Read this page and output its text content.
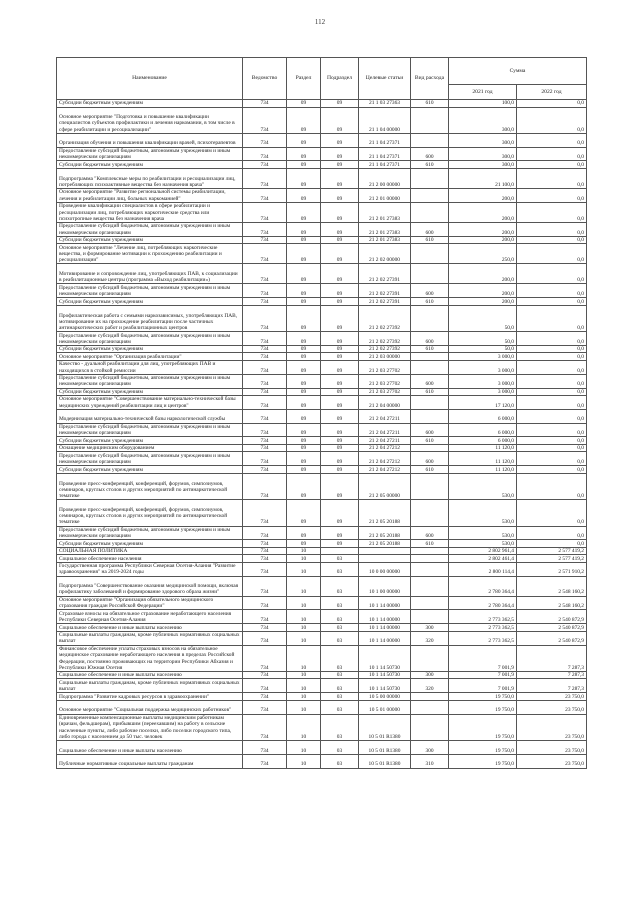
112
Наименование	Ведомство	Раздел	Подраздел	Целевые статьи	Вид расхода	Сумма	
						2021 год	2022 год
Субсидии бюджетным учреждениям	734	09	09	21 1 03 27363	610	100,0	0,0
Основное мероприятие "Подготовка и повышение квалификации специалистов субъектов профилактики и лечения наркомании, в том числе в сфере реабилитации и ресоциализации"	734	09	09	21 1 04 00000		300,0	0,0
Организация обучения и повышения квалификации врачей, психотерапевтов	734	09	09	21 1 04 27371		300,0	0,0
Предоставление субсидий бюджетным, автономным учреждениям и иным некоммерческим организациям	734	09	09	21 1 04 27371	600	300,0	0,0
Субсидии бюджетным учреждениям	734	09	09	21 1 04 27371	610	300,0	0,0
Подпрограмма "Комплексные меры по реабилитации и ресоциализации лиц, потребляющих психоактивные вещества без назначения врача"	734	09	09	21 2 00 00000		21 100,0	0,0
Основное мероприятие "Развитие региональной системы реабилитации, лечения и реабилитации лиц, больных наркоманией"	734	09	09	21 2 01 00000		200,0	0,0
Проведение квалификации специалистов в сфере реабилитации и ресоциализации лиц, потребляющих наркотические средства или психотропные вещества без назначения врача	734	09	09	21 2 01 27383		200,0	0,0
Предоставление субсидий бюджетным, автономным учреждениям и иным некоммерческим организациям	734	09	09	21 2 01 27383	600	200,0	0,0
Субсидии бюджетным учреждениям	734	09	09	21 2 01 27383	610	200,0	0,0
Основное мероприятие "Лечение лиц, потребляющих наркотические вещества, и формирование мотивации к прохождению реабилитации и ресоциализации"	734	09	09	21 2 02 00000		250,0	0,0
Мотивирование и сопровождение лиц, употребляющих ПАВ, к социализации в реабилитационные центры (программа «Выход реабилитации»)	734	09	09	21 2 02 27391		200,0	0,0
Предоставление субсидий бюджетным, автономным учреждениям и иным некоммерческим организациям	734	09	09	21 2 02 27391	600	200,0	0,0
Субсидии бюджетным учреждениям	734	09	09	21 2 02 27391	610	200,0	0,0
Профилактическая работа с семьями наркозависимых, употребляющих ПАВ, мотивирование их на прохождение реабилитации после частичных антинаркотических работ и реабилитационных центров	734	09	09	21 2 02 27392		50,0	0,0
Предоставление субсидий бюджетным, автономным учреждениям и иным некоммерческим организациям	734	09	09	21 2 02 27392	600	50,0	0,0
Субсидии бюджетным учреждениям	734	09	09	21 2 02 27392	610	50,0	0,0
Основное мероприятие "Организация реабилитации"	734	09	09	21 2 03 00000		3 000,0	0,0
Качество - дуальной реабилитации для лиц, употребляющих ПАВ и находящихся в стойкой ремиссии	734	09	09	21 2 03 27702		3 000,0	0,0
Предоставление субсидий бюджетным, автономным учреждениям и иным некоммерческим организациям	734	09	09	21 2 03 27702	600	3 000,0	0,0
Субсидии бюджетным учреждениям	734	09	09	21 2 03 27702	610	3 000,0	0,0
Основное мероприятие "Совершенствование материально-технической базы медицинских учреждений реабилитации лиц и центров"	734	09	09	21 2 04 00000		17 120,0	0,0
Модернизация материально-технической базы наркологической службы	734	09	09	21 2 04 27211		6 000,0	0,0
Предоставление субсидий бюджетным, автономным учреждениям и иным некоммерческим организациям	734	09	09	21 2 04 27211	600	6 000,0	0,0
Субсидии бюджетным учреждениям	734	09	09	21 2 04 27211	610	6 000,0	0,0
Оснащение медицинским оборудованием	734	09	09	21 2 04 27212		11 120,0	0,0
Предоставление субсидий бюджетным, автономным учреждениям и иным некоммерческим организациям	734	09	09	21 2 04 27212	600	11 120,0	0,0
Субсидии бюджетным учреждениям	734	09	09	21 2 04 27212	610	11 120,0	0,0
Проведение пресс-конференций, конференций, форумов, симпозиумов, семинаров, круглых столов и других мероприятий по антинаркотической тематике	734	09	09	21 2 05 00000		530,0	0,0
Проведение пресс-конференций, конференций, форумов, симпозиумов, семинаров, круглых столов и других мероприятий по антинаркотической тематике	734	09	09	21 2 05 20188		530,0	0,0
Предоставление субсидий бюджетным, автономным учреждениям и иным некоммерческим организациям	734	09	09	21 2 05 20188	600	530,0	0,0
Субсидии бюджетным учреждениям	734	09	09	21 2 05 20188	610	530,0	0,0
СОЦИАЛЬНАЯ ПОЛИТИКА	734	10				2 802 961,4	2 577 419,2
Социальное обеспечение населения	734	10	03			2 802 461,4	2 577 419,2
Государственная программа Республики Северная Осетия-Алания "Развитие здравоохранения" на 2019-2024 годы	734	10	03	10 0 00 00000		2 800 114,4	2 571 910,2
Подпрограмма "Совершенствование оказания медицинской помощи, включая профилактику заболеваний и формирование здорового образа жизни"	734	10	03	10 1 00 00000		2 780 364,4	2 548 160,2
Основное мероприятие "Организация обязательного медицинского страхования граждан Российской Федерации"	734	10	03	10 1 14 00000		2 780 364,4	2 548 160,2
Страховые взносы на обязательное страхование неработающего населения Республики Северная Осетия-Алания	734	10	03	10 1 14 00000		2 773 362,5	2 540 872,9
Социальное обеспечение и иные выплаты населению	734	10	03	10 1 14 00000	300	2 773 362,5	2 540 872,9
Социальные выплаты гражданам, кроме публичных нормативных социальных выплат	734	10	03	10 1 14 00000	320	2 773 362,5	2 540 872,9
Финансовое обеспечение уплаты страховых взносов на обязательное медицинское страхование неработающего населения в пределах Российской Федерации, постоянно проживающих на территории Республики Абхазия и Республики Южная Осетия	734	10	03	10 1 14 50730		7 001,9	7 287,3
Социальное обеспечение и иные выплаты населению	734	10	03	10 1 14 50730	300	7 001,9	7 287,3
Социальные выплаты гражданам, кроме публичных нормативных социальных выплат	734	10	03	10 1 14 50730	320	7 001,9	7 287,3
Подпрограмма "Развитие кадровых ресурсов в здравоохранении"	734	10	03	10 5 00 00000		19 750,0	23 750,0
Основное мероприятие "Социальная поддержка медицинских работников"	734	10	03	10 5 01 00000		19 750,0	23 750,0
Единовременные компенсационные выплаты медицинским работникам (врачам, фельдшерам), прибывшим (переехавшим) на работу в сельские населенные пункты, либо рабочие поселки, либо поселки городского типа, либо города с населением до 50 тыс. человек	734	10	03	10 5 01 R1380		19 750,0	23 750,0
Социальное обеспечение и иные выплаты населению	734	10	03	10 5 01 R1380	300	19 750,0	23 750,0
Публичные нормативные социальные выплаты гражданам	734	10	03	10 5 01 R1380	310	19 750,0	23 750,0
